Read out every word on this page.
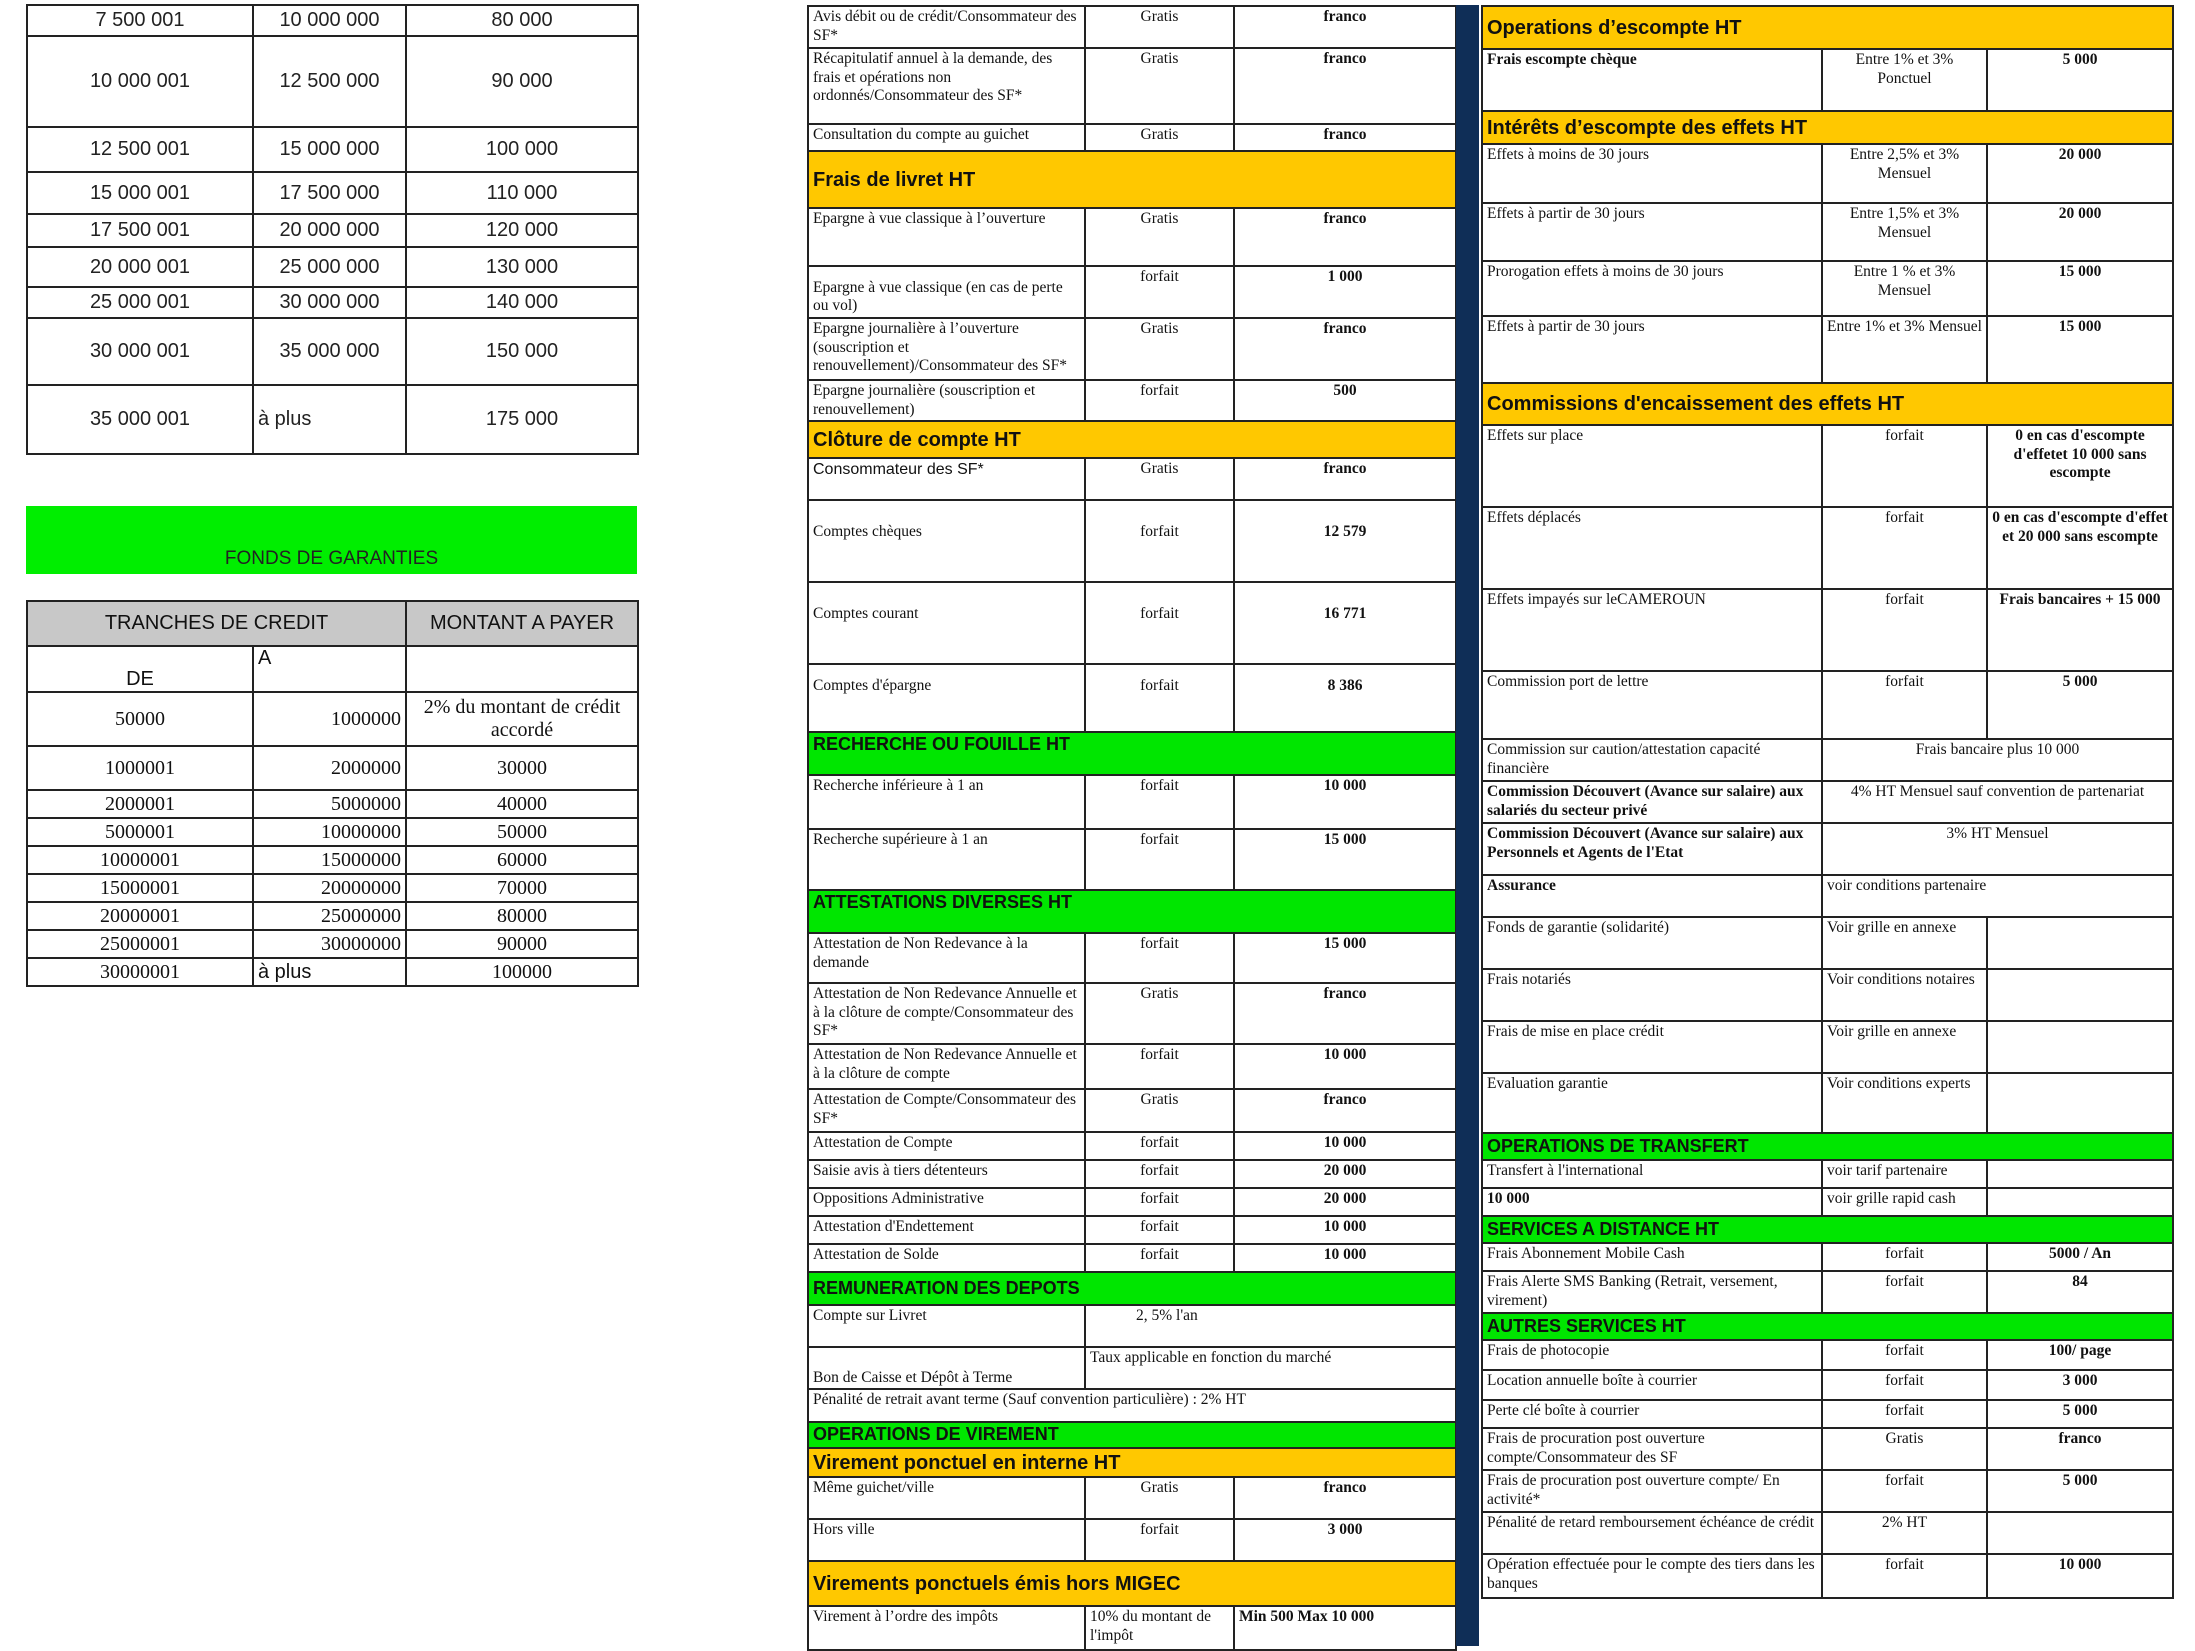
7 500 001	10 000 000	80 000
10 000 001	12 500 000	90 000
12 500 001	15 000 000	100 000
15 000 001	17 500 000	110 000
17 500 001	20 000 000	120 000
20 000 001	25 000 000	130 000
25 000 001	30 000 000	140 000
30 000 001	35 000 000	150 000
35 000 001	à plus	175 000
FONDS DE GARANTIES
TRANCHES DE CREDIT		MONTANT A PAYER
DE	A	
50000	1000000	2% du montant de crédit accordé
1000001	2000000	30000
2000001	5000000	40000
5000001	10000000	50000
10000001	15000000	60000
15000001	20000000	70000
20000001	25000000	80000
25000001	30000000	90000
30000001	à plus	100000
Avis débit ou de crédit/Consommateur des SF*	Gratis	franco
Récapitulatif annuel à la demande, des frais et opérations non ordonnés/Consommateur des SF*	Gratis	franco
Consultation du compte au guichet	Gratis	franco
Frais de livret HT		
Epargne à vue classique à l’ouverture	Gratis	franco
Epargne à vue classique (en cas de perte ou vol)	forfait	1 000
Epargne journalière à l’ouverture (souscription et renouvellement)/Consommateur des SF*	Gratis	franco
Epargne journalière (souscription et renouvellement)	forfait	500
Clôture de compte HT		
Consommateur des SF*	Gratis	franco
Comptes chèques	forfait	12 579
Comptes courant	forfait	16 771
Comptes d'épargne	forfait	8 386
RECHERCHE OU FOUILLE HT		
Recherche inférieure à 1 an	forfait	10 000
Recherche supérieure à 1 an	forfait	15 000
ATTESTATIONS DIVERSES HT		
Attestation de Non Redevance à la demande	forfait	15 000
Attestation de Non Redevance Annuelle et à la clôture de compte/Consommateur des SF*	Gratis	franco
Attestation de Non Redevance Annuelle et à la clôture de compte	forfait	10 000
Attestation de Compte/Consommateur des SF*	Gratis	franco
Attestation de Compte	forfait	10 000
Saisie avis à tiers détenteurs	forfait	20 000
Oppositions Administrative	forfait	20 000
Attestation d'Endettement	forfait	10 000
Attestation de Solde	forfait	10 000
REMUNERATION DES DEPOTS		
Compte sur Livret	2, 5% l'an	
Bon de Caisse et Dépôt à Terme	Taux applicable en fonction du marché	
Pénalité de retrait avant terme (Sauf convention particulière) : 2% HT		
OPERATIONS DE VIREMENT		
Virement ponctuel en interne HT		
Même guichet/ville	Gratis	franco
Hors ville	forfait	3 000
Virements ponctuels émis hors MIGEC		
Virement à l’ordre des impôts	10% du montant de l'impôt	Min 500 Max 10 000
Operations d’escompte HT		
Frais escompte chèque	Entre 1% et 3% Ponctuel	5 000
Intérêts d’escompte des effets HT		
Effets à moins de 30 jours	Entre 2,5% et 3% Mensuel	20 000
Effets à partir de 30 jours	Entre 1,5% et 3% Mensuel	20 000
Prorogation effets à moins de 30 jours	Entre 1 % et 3% Mensuel	15 000
Effets à partir de 30 jours	Entre 1% et 3% Mensuel	15 000
Commissions d'encaissement des effets HT		
Effets sur place	forfait	0 en cas d'escompte d'effetet 10 000 sans escompte
Effets déplacés	forfait	0 en cas d'escompte d'effet et 20 000 sans escompte
Effets impayés sur leCAMEROUN	forfait	Frais bancaires + 15 000
Commission port de lettre	forfait	5 000
Commission sur caution/attestation capacité financière	Frais bancaire plus 10 000	
Commission Découvert (Avance sur salaire) aux salariés du secteur privé	4% HT Mensuel sauf convention de partenariat	
Commission Découvert (Avance sur salaire) aux Personnels et Agents de l'Etat	3% HT Mensuel	
Assurance	voir conditions partenaire	
Fonds de garantie (solidarité)	Voir grille en annexe	
Frais notariés	Voir conditions notaires	
Frais de mise en place crédit	Voir grille en annexe	
Evaluation garantie	Voir conditions experts	
OPERATIONS DE TRANSFERT		
Transfert à l'international	voir tarif partenaire	
10 000	voir grille rapid cash	
SERVICES A DISTANCE HT		
Frais Abonnement Mobile Cash	forfait	5000 / An
Frais Alerte SMS Banking (Retrait, versement, virement)	forfait	84
AUTRES SERVICES HT		
Frais de photocopie	forfait	100/ page
Location annuelle boîte à courrier	forfait	3 000
Perte clé boîte à courrier	forfait	5 000
Frais de procuration post ouverture compte/Consommateur des SF	Gratis	franco
Frais de procuration post ouverture compte/ En activité*	forfait	5 000
Pénalité de retard remboursement échéance de crédit	2% HT	
Opération effectuée pour le compte des tiers dans les banques	forfait	10 000
